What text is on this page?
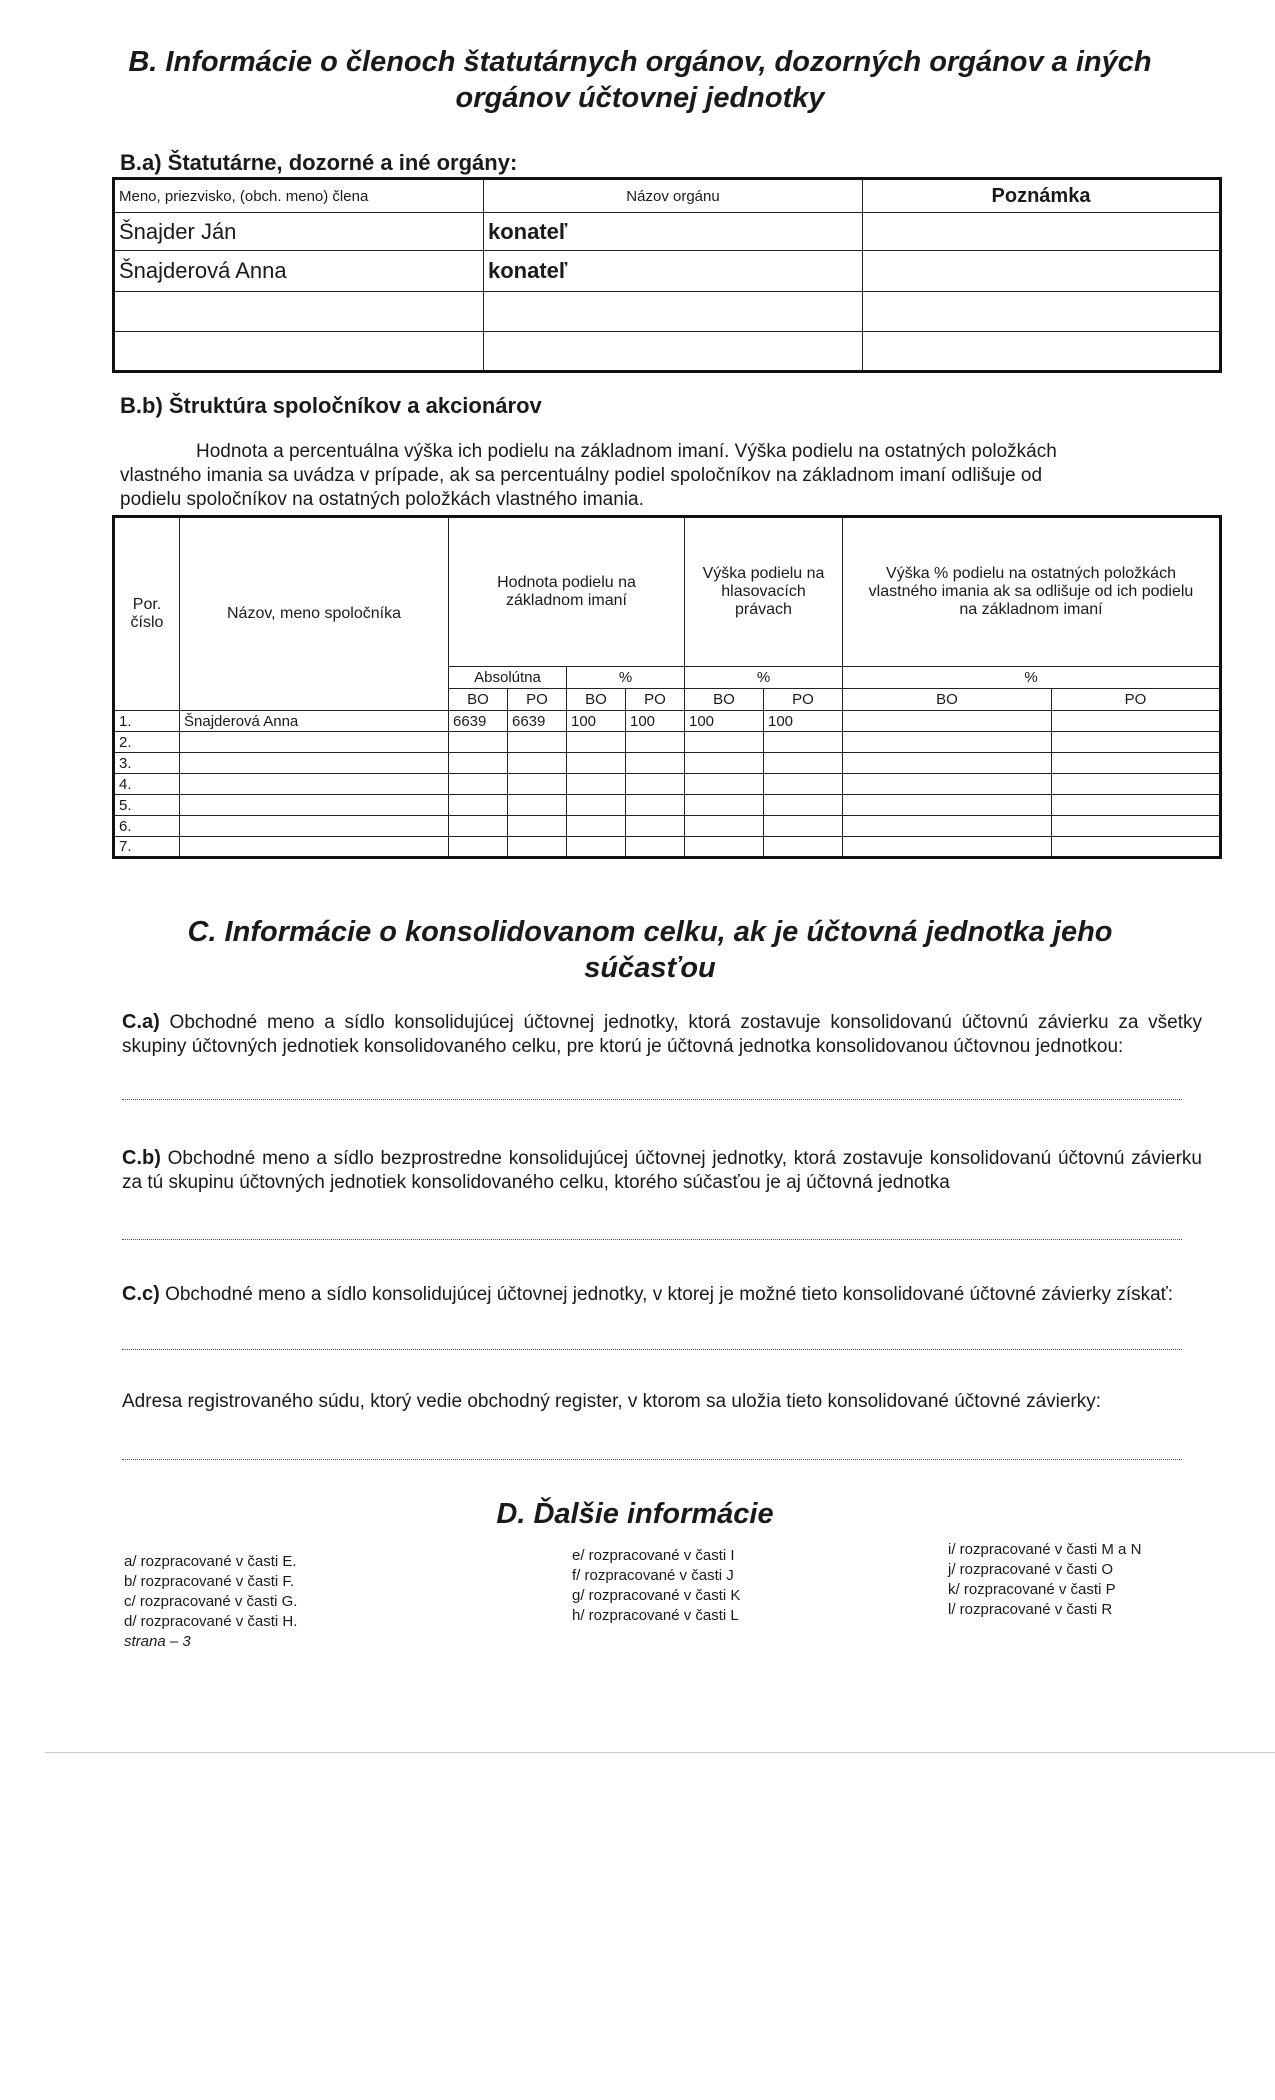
B. Informácie o členoch štatutárnych orgánov, dozorných orgánov a iných
orgánov účtovnej jednotky
B.a) Štatutárne, dozorné a iné orgány:
Meno, priezvisko, (obch. meno) člena	Názov orgánu	Poznámka
Šnajder Ján	konateľ	
Šnajderová Anna	konateľ	

B.b) Štruktúra spoločníkov a akcionárov
Hodnota a percentuálna výška ich podielu na základnom imaní. Výška podielu na ostatných položkách
vlastného imania sa uvádza v prípade, ak sa percentuálny podiel spoločníkov na základnom imaní odlišuje od
podielu spoločníkov na ostatných položkách vlastného imania.
Por. číslo	Názov, meno spoločníka	Hodnota podielu na základnom imaní				Výška podielu na hlasovacích právach		Výška % podielu na ostatných položkách vlastného imania ak sa odlišuje od ich podielu na základnom imaní	
		Absolútna		%		%		%	
		BO	PO	BO	PO	BO	PO	BO	PO
1.	Šnajderová Anna	6639	6639	100	100	100	100		
2.									
3.									
4.									
5.									
6.									
7.									
C. Informácie o konsolidovanom celku, ak je účtovná jednotka jeho
súčasťou
C.a) Obchodné meno a sídlo konsolidujúcej účtovnej jednotky, ktorá zostavuje konsolidovanú účtovnú závierku za všetky skupiny účtovných jednotiek konsolidovaného celku, pre ktorú je účtovná jednotka konsolidovanou účtovnou jednotkou:
C.b) Obchodné meno a sídlo bezprostredne konsolidujúcej účtovnej jednotky, ktorá zostavuje konsolidovanú účtovnú závierku za tú skupinu účtovných jednotiek konsolidovaného celku, ktorého súčasťou je aj účtovná jednotka
C.c) Obchodné meno a sídlo konsolidujúcej účtovnej jednotky, v ktorej je možné tieto konsolidované účtovné závierky získať:
Adresa registrovaného súdu, ktorý vedie obchodný register, v ktorom sa uložia tieto konsolidované účtovné závierky:
D. Ďalšie informácie
a/ rozpracované v časti E.
b/ rozpracované v časti F.
c/ rozpracované v časti G.
d/ rozpracované v časti H.
strana – 3
e/ rozpracované v časti I
f/ rozpracované v časti J
g/ rozpracované v časti K
h/ rozpracované v časti L
i/ rozpracované v časti M a N
j/ rozpracované v časti O
k/ rozpracované v časti P
l/ rozpracované v časti R
